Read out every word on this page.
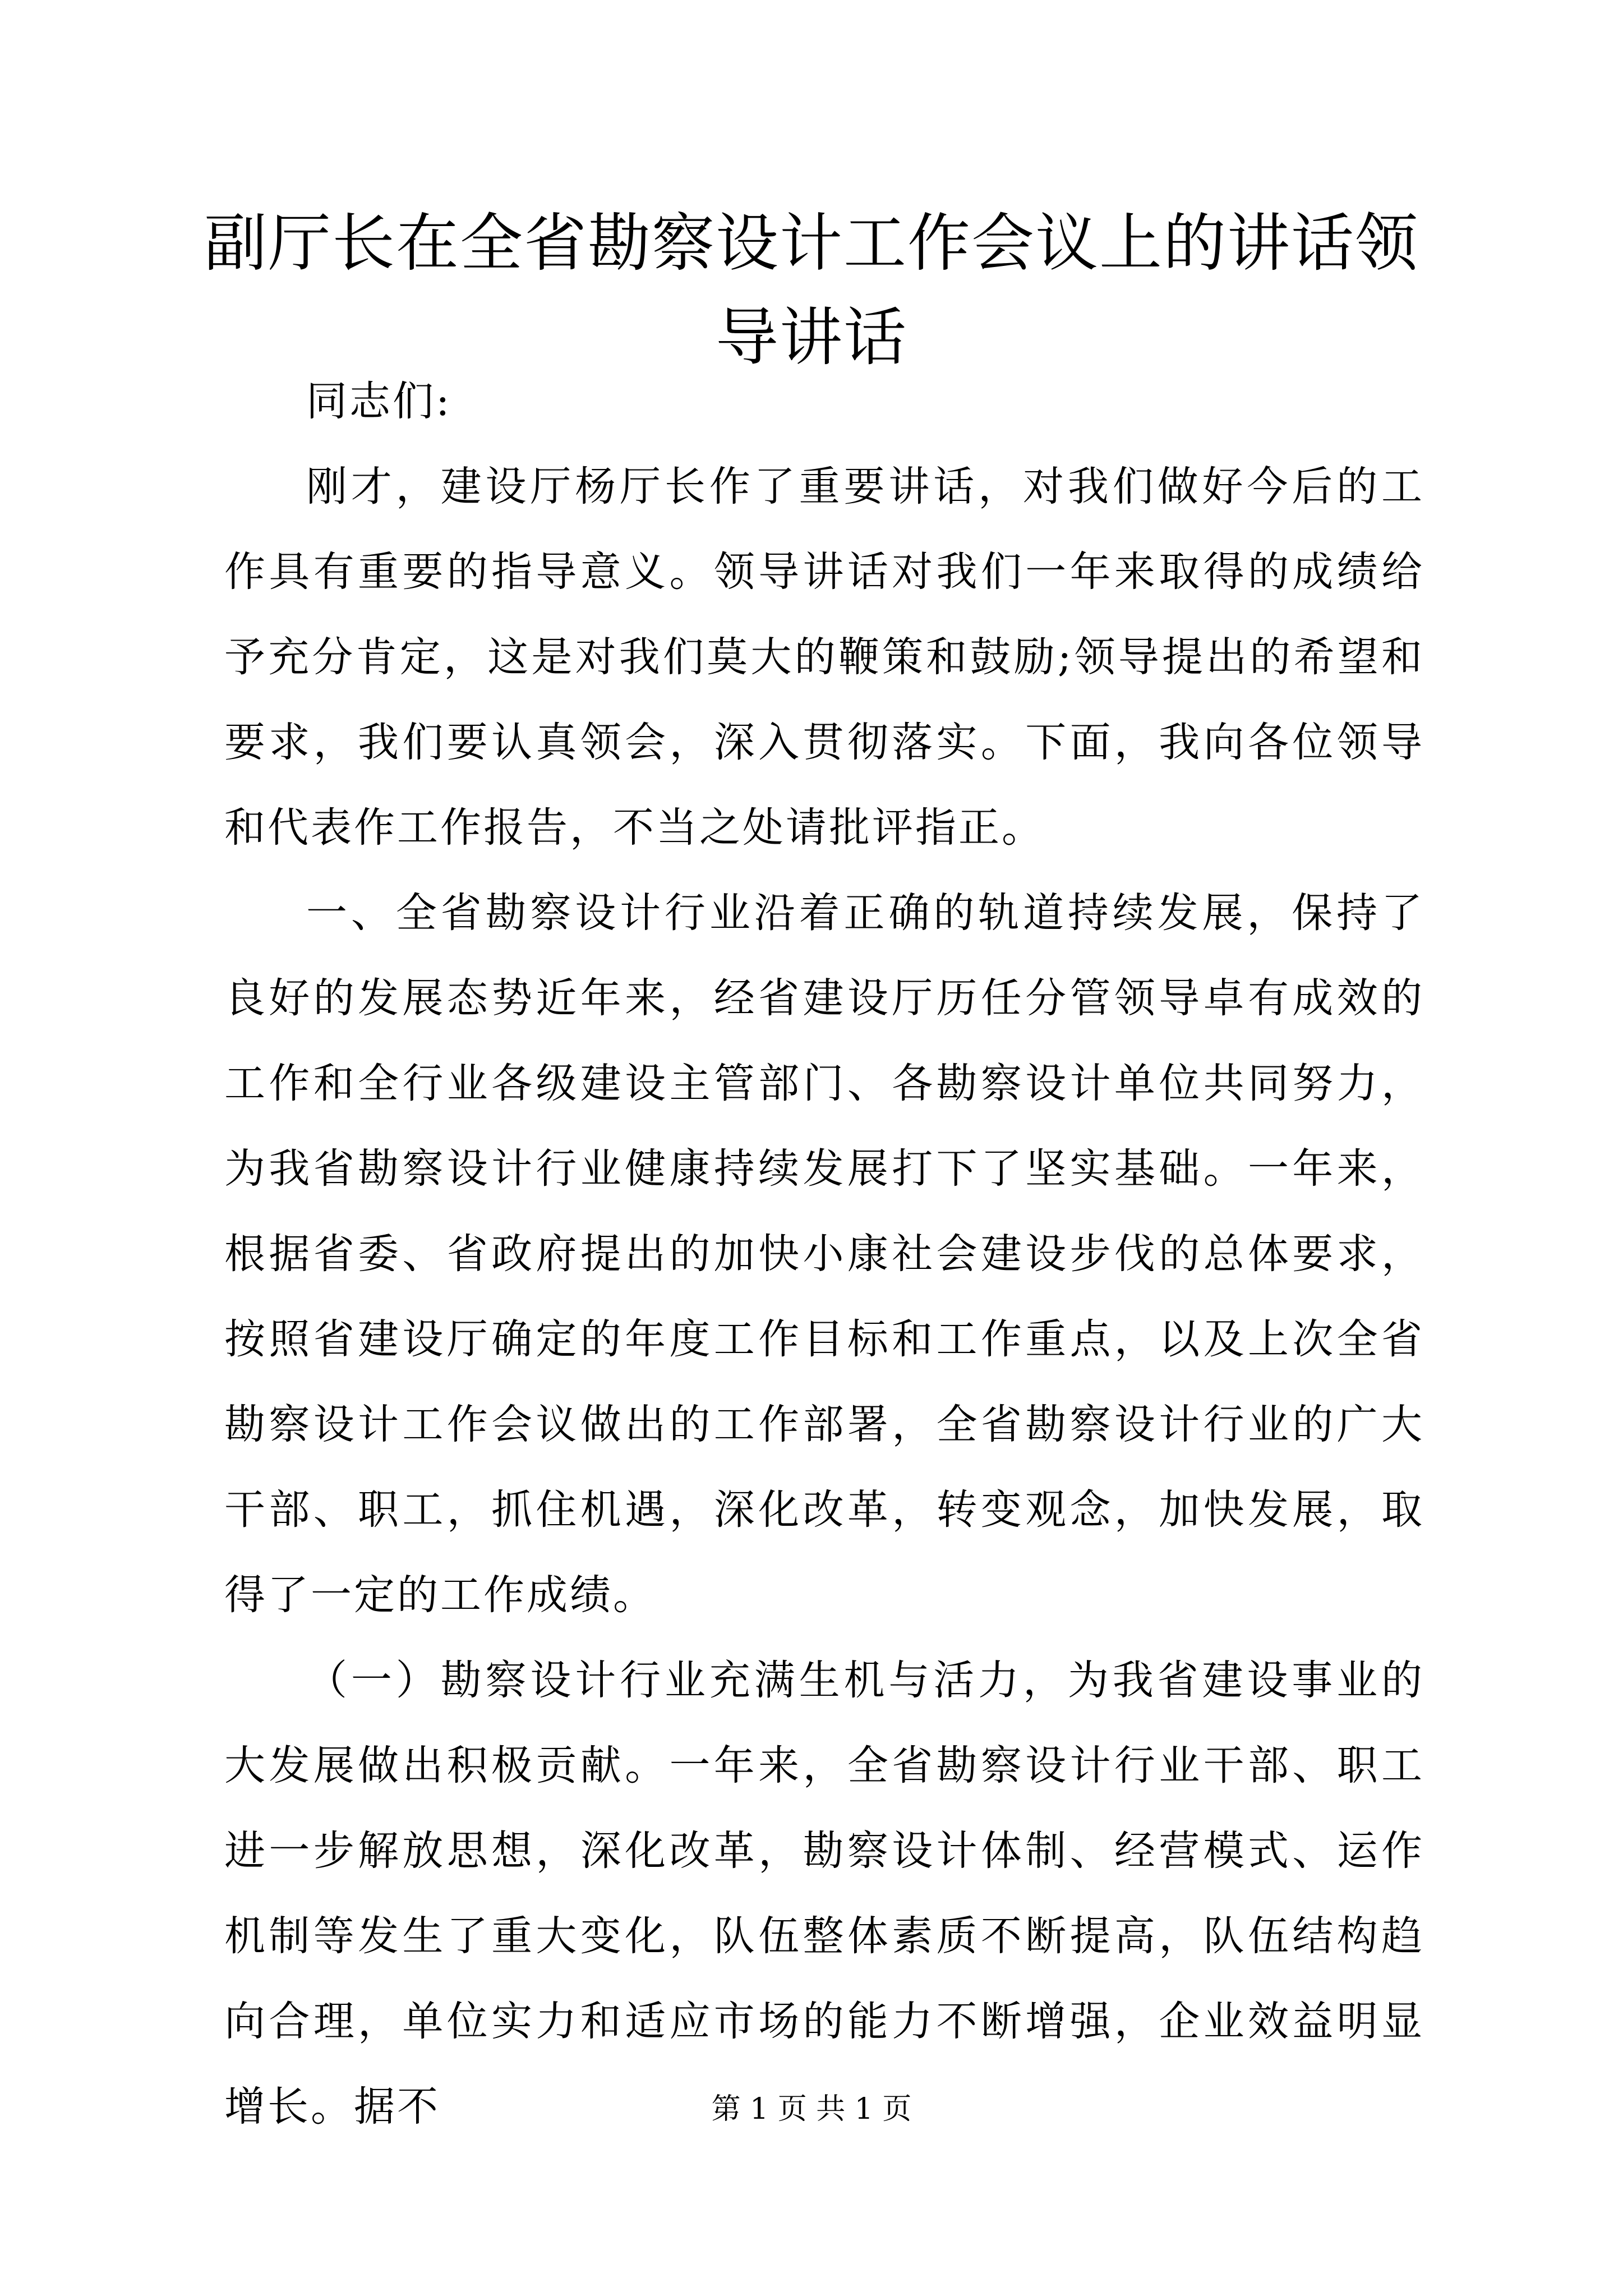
副厅长在全省勘察设计工作会议上的讲话领导讲话

同志们:

刚才，建设厅杨厅长作了重要讲话，对我们做好今后的工作具有重要的指导意义。领导讲话对我们一年来取得的成绩给予充分肯定，这是对我们莫大的鞭策和鼓励;领导提出的希望和要求，我们要认真领会，深入贯彻落实。下面，我向各位领导和代表作工作报告，不当之处请批评指正。

一、全省勘察设计行业沿着正确的轨道持续发展，保持了良好的发展态势近年来，经省建设厅历任分管领导卓有成效的工作和全行业各级建设主管部门、各勘察设计单位共同努力，为我省勘察设计行业健康持续发展打下了坚实基础。一年来，根据省委、省政府提出的加快小康社会建设步伐的总体要求，按照省建设厅确定的年度工作目标和工作重点，以及上次全省勘察设计工作会议做出的工作部署，全省勘察设计行业的广大干部、职工，抓住机遇，深化改革，转变观念，加快发展，取得了一定的工作成绩。

（一）勘察设计行业充满生机与活力，为我省建设事业的大发展做出积极贡献。一年来，全省勘察设计行业干部、职工进一步解放思想，深化改革，勘察设计体制、经营模式、运作机制等发生了重大变化，队伍整体素质不断提高，队伍结构趋向合理，单位实力和适应市场的能力不断增强，企业效益明显增长。据不	第 1 页 共 1 页
